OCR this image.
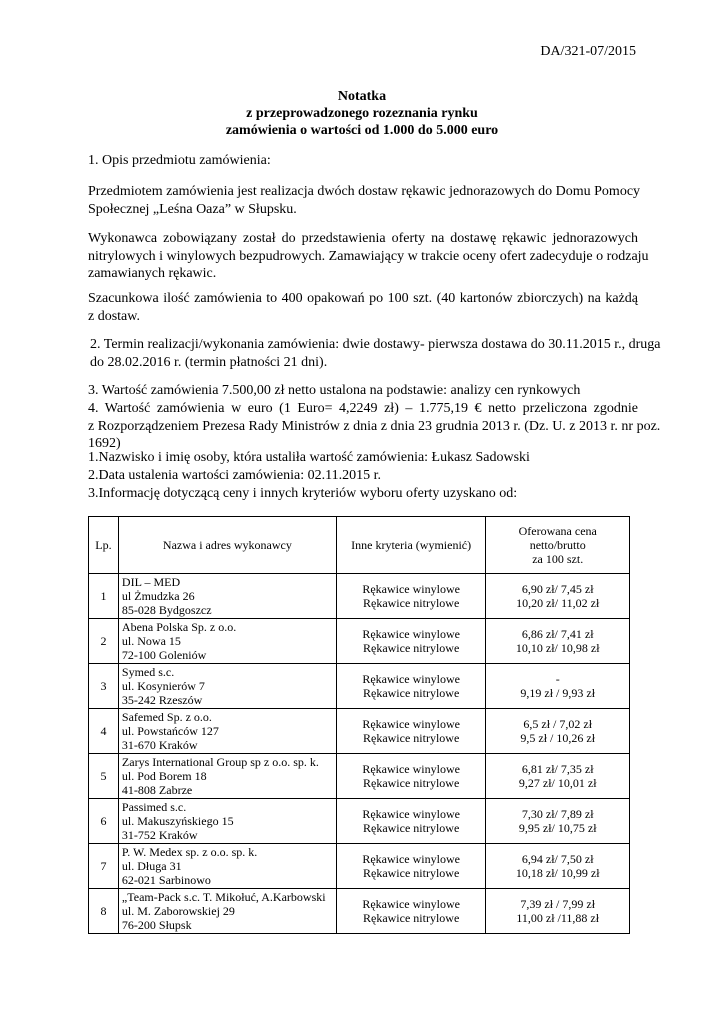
DA/321-07/2015
Notatka
z przeprowadzonego rozeznania rynku
zamówienia o wartości od 1.000 do 5.000 euro
1. Opis przedmiotu zamówienia:
Przedmiotem zamówienia jest realizacja dwóch dostaw rękawic jednorazowych do Domu Pomocy
Społecznej „Leśna Oaza” w Słupsku.
Wykonawca zobowiązany został do przedstawienia oferty na dostawę rękawic jednorazowych
nitrylowych i winylowych bezpudrowych. Zamawiający w trakcie oceny ofert zadecyduje o rodzaju
zamawianych rękawic.
Szacunkowa ilość zamówienia to 400 opakowań po 100 szt. (40 kartonów zbiorczych) na każdą
z dostaw.
2. Termin realizacji/wykonania zamówienia: dwie dostawy- pierwsza dostawa do 30.11.2015 r., druga
do 28.02.2016 r. (termin płatności 21 dni).
3. Wartość zamówienia 7.500,00 zł netto ustalona na podstawie: analizy cen rynkowych
4. Wartość zamówienia w euro (1 Euro= 4,2249 zł) – 1.775,19 € netto przeliczona zgodnie
z Rozporządzeniem Prezesa Rady Ministrów z dnia z dnia 23 grudnia 2013 r. (Dz. U. z 2013 r. nr poz.
1692)
1.Nazwisko i imię osoby, która ustaliła wartość zamówienia: Łukasz Sadowski
2.Data ustalenia wartości zamówienia: 02.11.2015 r.
3.Informację dotyczącą ceny i innych kryteriów wyboru oferty uzyskano od:
Lp.	Nazwa i adres wykonawcy	Inne kryteria (wymienić)	Oferowana cena
netto/brutto
za 100 szt.

1	DIL – MED
ul Żmudzka 26
85-028 Bydgoszcz	Rękawice winylowe
Rękawice nitrylowe	6,90 zł/ 7,45 zł
10,20 zł/ 11,02 zł

2	Abena Polska Sp. z o.o.
ul. Nowa 15
72-100 Goleniów	Rękawice winylowe
Rękawice nitrylowe	6,86 zł/ 7,41 zł
10,10 zł/ 10,98 zł

3	Symed s.c.
ul. Kosynierów 7
35-242 Rzeszów	Rękawice winylowe
Rękawice nitrylowe	-
9,19 zł / 9,93 zł

4	Safemed Sp. z o.o.
ul. Powstańców 127
31-670 Kraków	Rękawice winylowe
Rękawice nitrylowe	6,5 zł / 7,02 zł
9,5 zł / 10,26 zł

5	Zarys International Group sp z o.o. sp. k.
ul. Pod Borem 18
41-808 Zabrze	Rękawice winylowe
Rękawice nitrylowe	6,81 zł/ 7,35 zł
9,27 zł/ 10,01 zł

6	Passimed s.c.
ul. Makuszyńskiego 15
31-752 Kraków	Rękawice winylowe
Rękawice nitrylowe	7,30 zł/ 7,89 zł
9,95 zł/ 10,75 zł

7	P. W. Medex sp. z o.o. sp. k.
ul. Długa 31
62-021 Sarbinowo	Rękawice winylowe
Rękawice nitrylowe	6,94 zł/ 7,50 zł
10,18 zł/ 10,99 zł

8	„Team-Pack s.c. T. Mikołuć, A.Karbowski
ul. M. Zaborowskiej 29
76-200 Słupsk	Rękawice winylowe
Rękawice nitrylowe	7,39 zł / 7,99 zł
11,00 zł /11,88 zł
